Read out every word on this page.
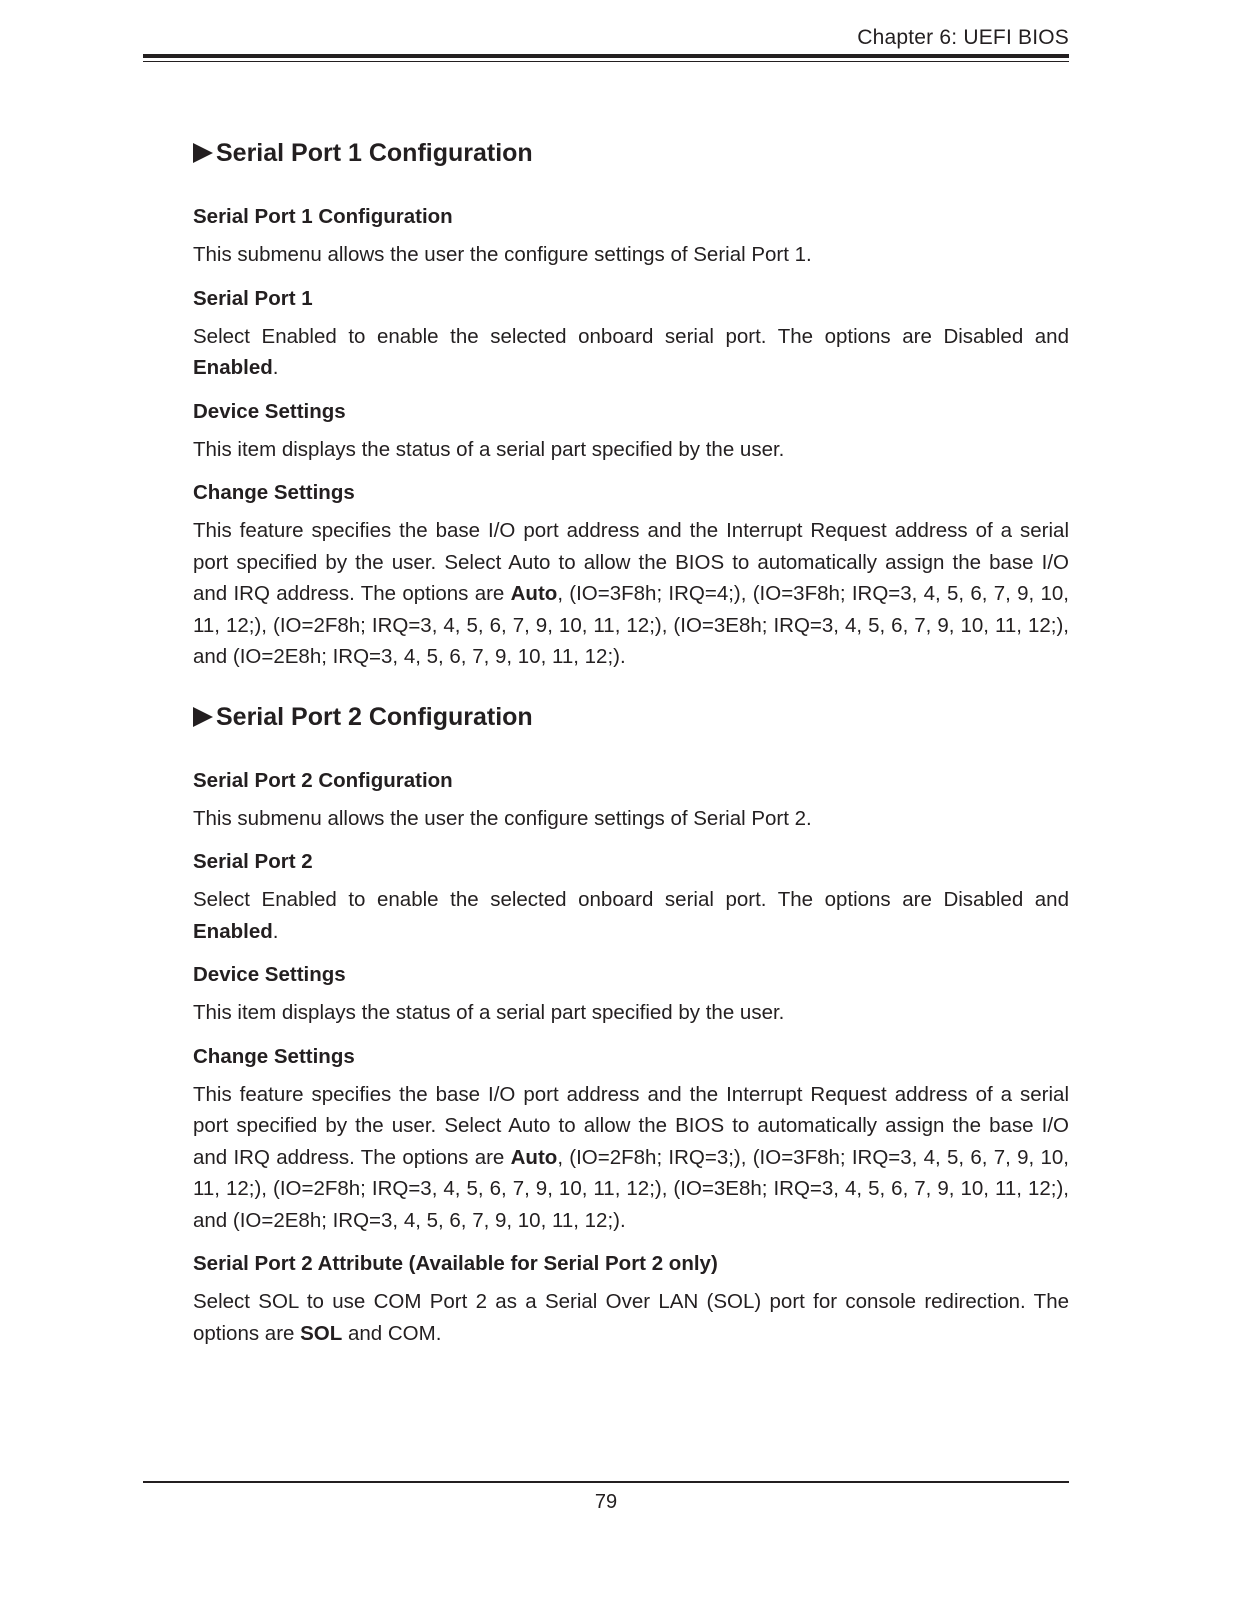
Chapter 6: UEFI BIOS
Serial Port 1 Configuration
Serial Port 1 Configuration

This submenu allows the user the configure settings of Serial Port 1.

Serial Port 1

Select Enabled to enable the selected onboard serial port. The options are Disabled and Enabled.

Device Settings

This item displays the status of a serial part specified by the user.

Change Settings

This feature specifies the base I/O port address and the Interrupt Request address of a serial port specified by the user. Select Auto to allow the BIOS to automatically assign the base I/O and IRQ address. The options are Auto, (IO=3F8h; IRQ=4;), (IO=3F8h; IRQ=3, 4, 5, 6, 7, 9, 10, 11, 12;), (IO=2F8h; IRQ=3, 4, 5, 6, 7, 9, 10, 11, 12;), (IO=3E8h; IRQ=3, 4, 5, 6, 7, 9, 10, 11, 12;), and (IO=2E8h; IRQ=3, 4, 5, 6, 7, 9, 10, 11, 12;).

Serial Port 2 Configuration
Serial Port 2 Configuration

This submenu allows the user the configure settings of Serial Port 2.

Serial Port 2

Select Enabled to enable the selected onboard serial port. The options are Disabled and Enabled.

Device Settings

This item displays the status of a serial part specified by the user.

Change Settings

This feature specifies the base I/O port address and the Interrupt Request address of a serial port specified by the user. Select Auto to allow the BIOS to automatically assign the base I/O and IRQ address. The options are Auto, (IO=2F8h; IRQ=3;), (IO=3F8h; IRQ=3, 4, 5, 6, 7, 9, 10, 11, 12;), (IO=2F8h; IRQ=3, 4, 5, 6, 7, 9, 10, 11, 12;), (IO=3E8h; IRQ=3, 4, 5, 6, 7, 9, 10, 11, 12;), and (IO=2E8h; IRQ=3, 4, 5, 6, 7, 9, 10, 11, 12;).

Serial Port 2 Attribute (Available for Serial Port 2 only)

Select SOL to use COM Port 2 as a Serial Over LAN (SOL) port for console redirection. The options are SOL and COM.

79
